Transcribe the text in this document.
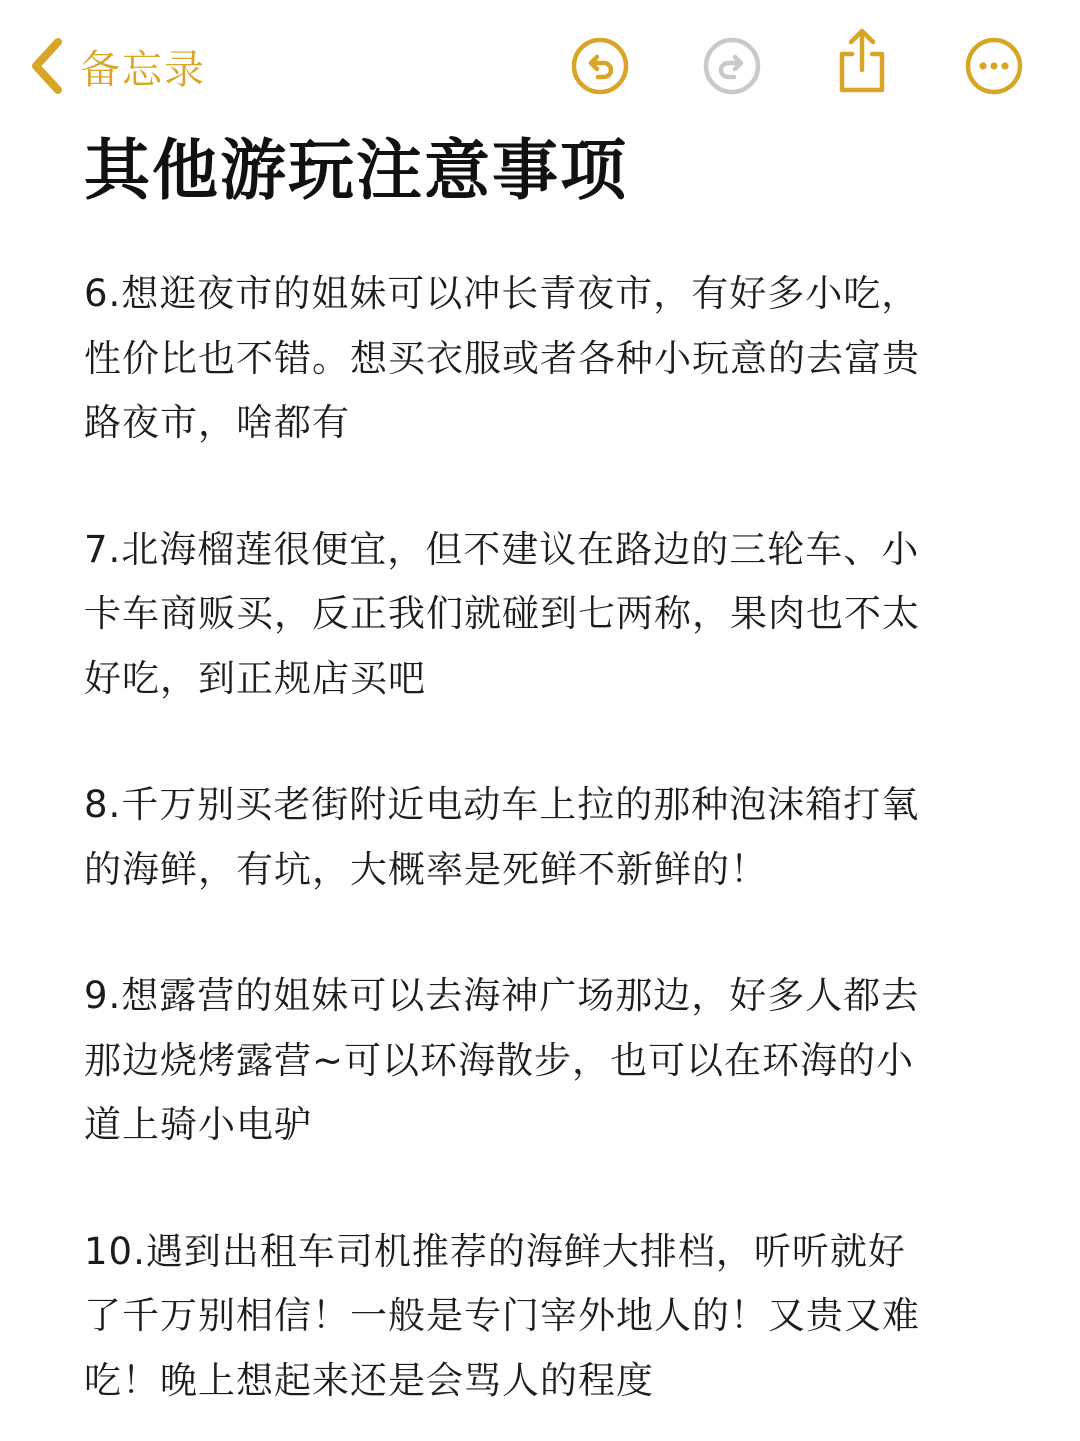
备忘录
其他游玩注意事项

6.想逛夜市的姐妹可以冲长青夜市，有好多小吃，
性价比也不错。想买衣服或者各种小玩意的去富贵
路夜市，啥都有

7.北海榴莲很便宜，但不建议在路边的三轮车、小
卡车商贩买，反正我们就碰到七两称，果肉也不太
好吃，到正规店买吧

8.千万别买老街附近电动车上拉的那种泡沫箱打氧
的海鲜，有坑，大概率是死鲜不新鲜的！

9.想露营的姐妹可以去海神广场那边，好多人都去
那边烧烤露营~可以环海散步，也可以在环海的小
道上骑小电驴

10.遇到出租车司机推荐的海鲜大排档，听听就好
了千万别相信！一般是专门宰外地人的！又贵又难
吃！晚上想起来还是会骂人的程度
